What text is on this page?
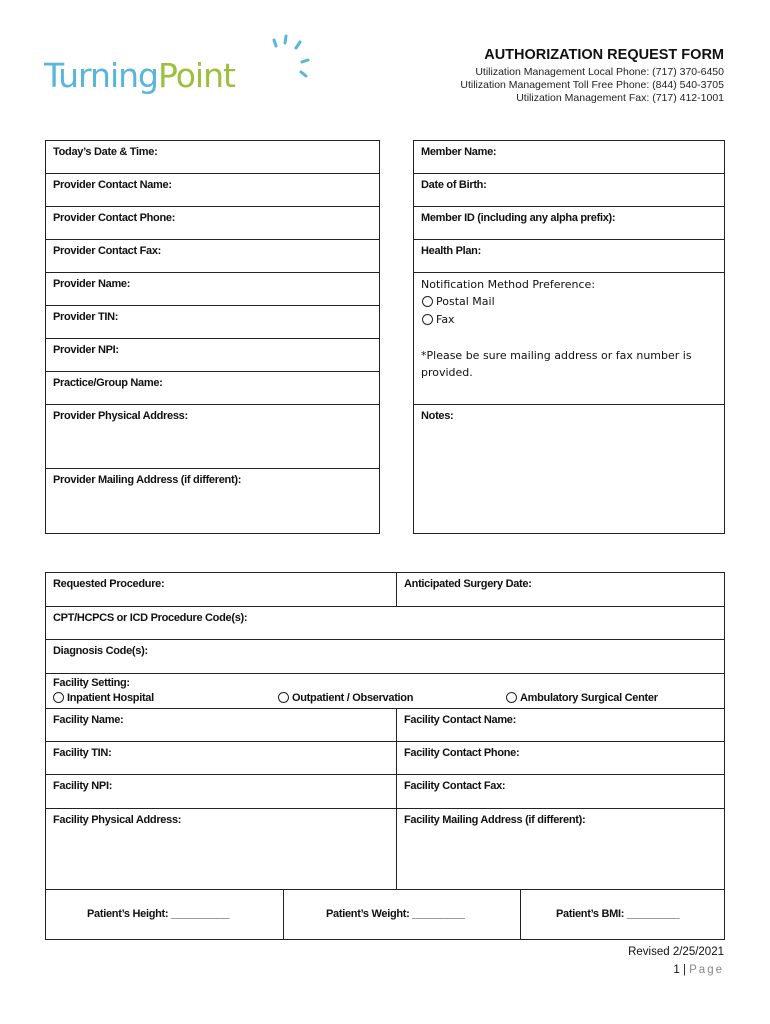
TurningPoint
AUTHORIZATION REQUEST FORM
Utilization Management Local Phone: (717) 370-6450
Utilization Management Toll Free Phone: (844) 540-3705
Utilization Management Fax: (717) 412-1001
Today’s Date & Time:
Provider Contact Name:
Provider Contact Phone:
Provider Contact Fax:
Provider Name:
Provider TIN:
Provider NPI:
Practice/Group Name:
Provider Physical Address:
Provider Mailing Address (if different):
Member Name:
Date of Birth:
Member ID (including any alpha prefix):
Health Plan:
Notification Method Preference:
Postal Mail
Fax
*Please be sure mailing address or fax number is provided.
Notes:
Requested Procedure:	Anticipated Surgery Date:
CPT/HCPCS or ICD Procedure Code(s):
Diagnosis Code(s):
Facility Setting:
Inpatient Hospital	Outpatient / Observation	Ambulatory Surgical Center
Facility Name:	Facility Contact Name:
Facility TIN:	Facility Contact Phone:
Facility NPI:	Facility Contact Fax:
Facility Physical Address:	Facility Mailing Address (if different):
Patient’s Height: __________	Patient’s Weight: _________	Patient’s BMI: _________
Revised 2/25/2021
1 | Page
